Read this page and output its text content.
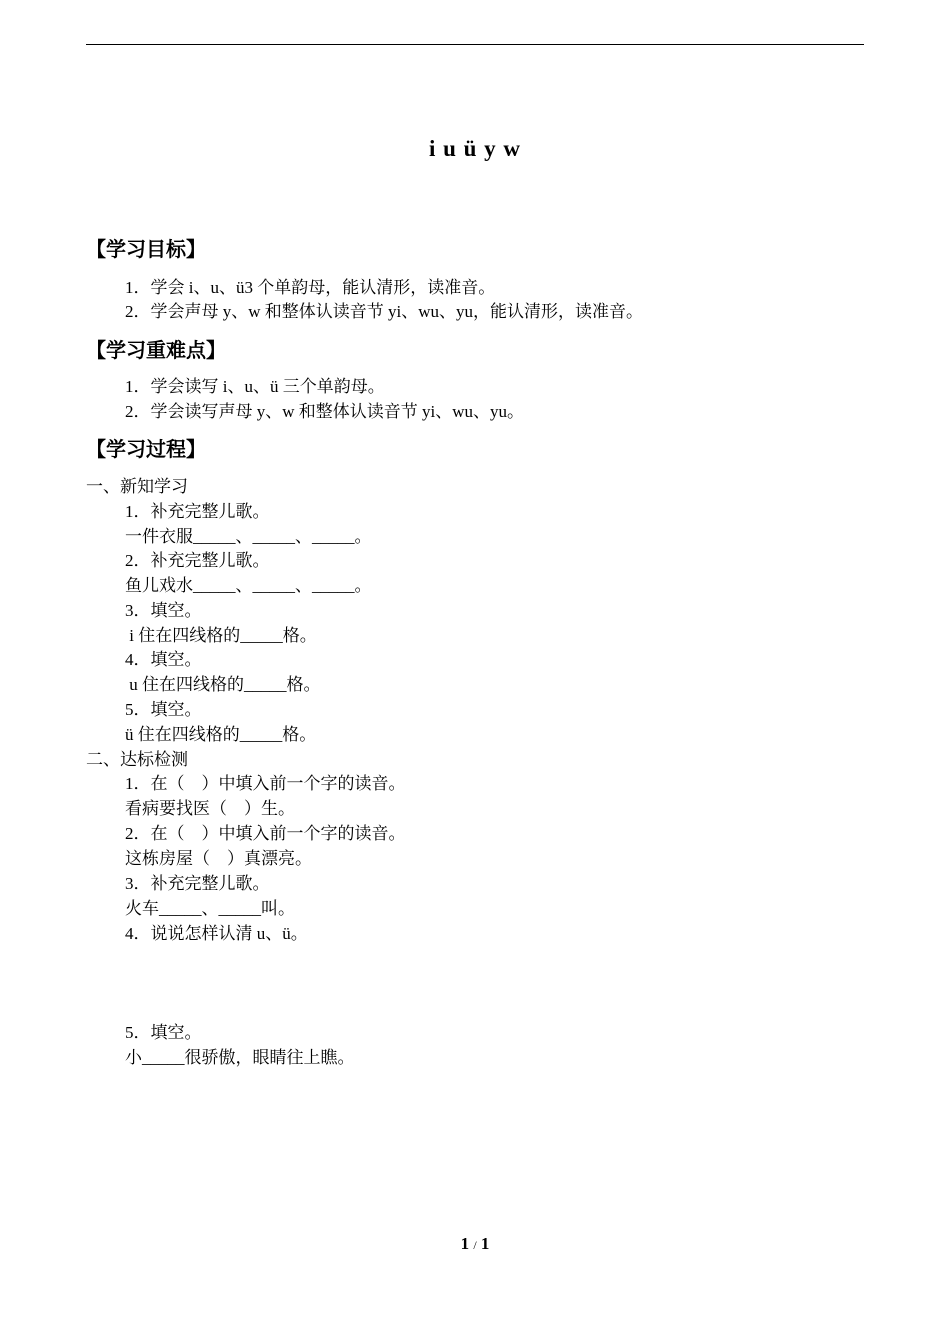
i u ü y w
【学习目标】
1．学会 i、u、ü3 个单韵母，能认清形，读准音。
2．学会声母 y、w 和整体认读音节 yi、wu、yu，能认清形，读准音。
【学习重难点】
1．学会读写 i、u、ü 三个单韵母。
2．学会读写声母 y、w 和整体认读音节 yi、wu、yu。
【学习过程】
一、新知学习
1．补充完整儿歌。
一件衣服_____、_____、_____。
2．补充完整儿歌。
鱼儿戏水_____、_____、_____。
3．填空。
i 住在四线格的_____格。
4．填空。
u 住在四线格的_____格。
5．填空。
ü 住在四线格的_____格。
二、达标检测
1．在（　）中填入前一个字的读音。
看病要找医（　）生。
2．在（　）中填入前一个字的读音。
这栋房屋（　）真漂亮。
3．补充完整儿歌。
火车_____、_____叫。
4．说说怎样认清 u、ü。
5．填空。
小_____很骄傲，眼睛往上瞧。
1 / 1
